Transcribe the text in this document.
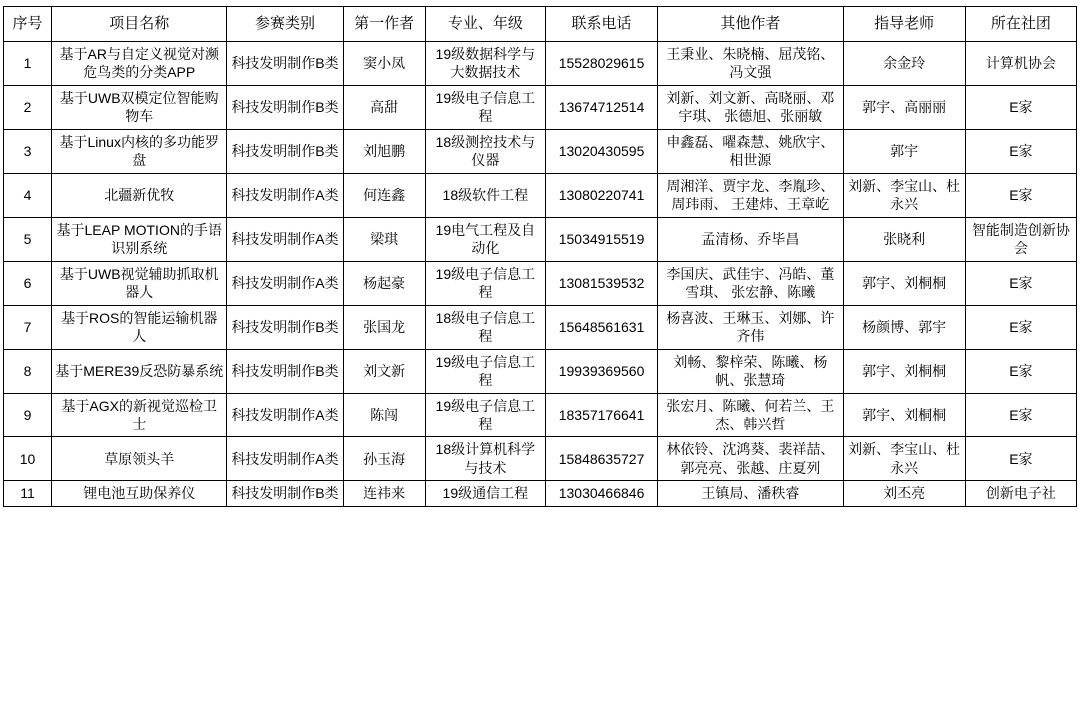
序号	项目名称	参赛类别	第一作者	专业、年级	联系电话	其他作者	指导老师	所在社团
1	基于AR与自定义视觉对濒危鸟类的分类APP	科技发明制作B类	窦小凤	19级数据科学与大数据技术	15528029615	王秉业、朱晓楠、屈茂铭、冯文强	余金玲	计算机协会
2	基于UWB双模定位智能购物车	科技发明制作B类	高甜	19级电子信息工程	13674712514	刘新、刘文新、高晓丽、邓宇琪、 张德旭、张丽敏	郭宇、高丽丽	E家
3	基于Linux内核的多功能罗盘	科技发明制作B类	刘旭鹏	18级测控技术与仪器	13020430595	申鑫磊、嚁森慧、姚欣宇、相世源	郭宇	E家
4	北疆新优牧	科技发明制作A类	何连鑫	18级软件工程	13080220741	周湘洋、贾宇龙、李胤珍、周玮雨、 王建炜、王章屹	刘新、李宝山、杜永兴	E家
5	基于LEAP MOTION的手语识别系统	科技发明制作A类	梁琪	19电气工程及自动化	15034915519	孟清杨、乔毕昌	张晓利	智能制造创新协会
6	基于UWB视觉辅助抓取机器人	科技发明制作A类	杨起豪	19级电子信息工程	13081539532	李国庆、武佳宇、冯皓、董雪琪、 张宏静、陈曦	郭宇、刘桐桐	E家
7	基于ROS的智能运输机器人	科技发明制作B类	张国龙	18级电子信息工程	15648561631	杨喜波、王琳玉、刘娜、许齐伟	杨颜博、郭宇	E家
8	基于MERE39反恐防暴系统	科技发明制作B类	刘文新	19级电子信息工程	19939369560	刘畅、黎梓荣、陈曦、杨帆、张慧琦	郭宇、刘桐桐	E家
9	基于AGX的新视觉巡检卫士	科技发明制作A类	陈闯	19级电子信息工程	18357176641	张宏月、陈曦、何若兰、王杰、韩兴哲	郭宇、刘桐桐	E家
10	草原领头羊	科技发明制作A类	孙玉海	18级计算机科学与技术	15848635727	林依铃、沈鸿葵、裴祥喆、郭亮亮、张越、庄夏列	刘新、李宝山、杜永兴	E家
11	锂电池互助保养仪	科技发明制作B类	连祎来	19级通信工程	13030466846	王镇局、潘秩睿	刘丕亮	创新电子社
